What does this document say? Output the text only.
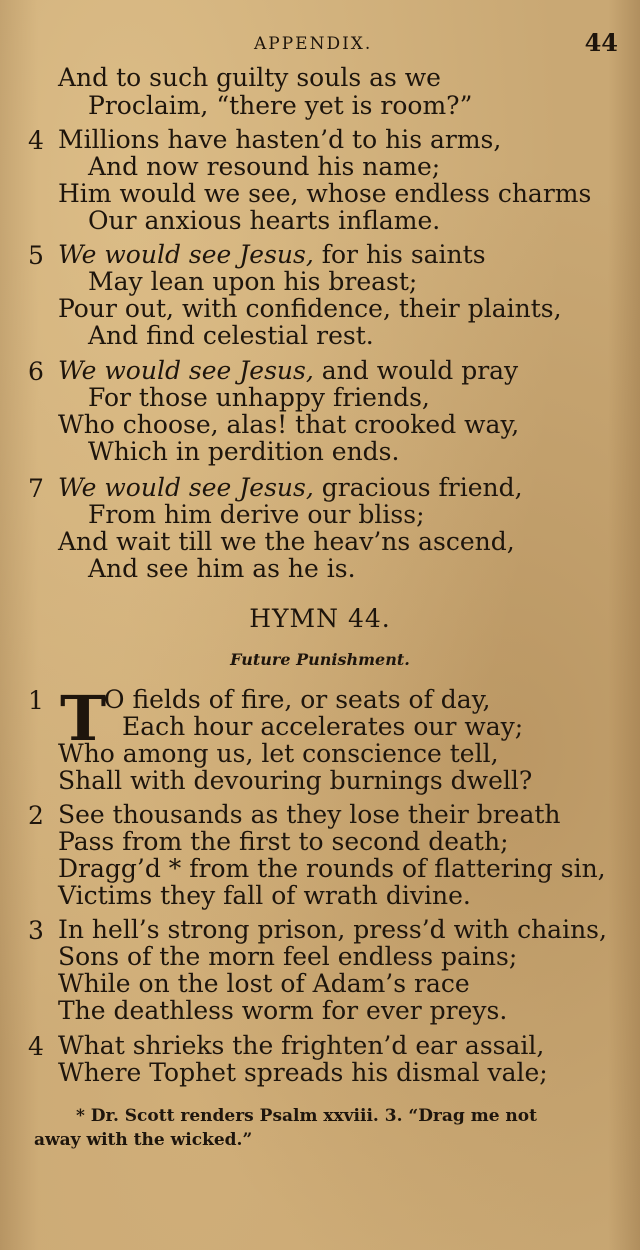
APPENDIX.	44
And to such guilty souls as we
Proclaim, “there yet is room?”
4 Millions have hasten’d to his arms,
And now resound his name;
Him would we see, whose endless charms
Our anxious hearts inflame.
5 We would see Jesus, for his saints
May lean upon his breast;
Pour out, with confidence, their plaints,
And find celestial rest.
6 We would see Jesus, and would pray
For those unhappy friends,
Who choose, alas! that crooked way,
Which in perdition ends.
7 We would see Jesus, gracious friend,
From him derive our bliss;
And wait till we the heav’ns ascend,
And see him as he is.
HYMN 44.
Future Punishment.
T
1 O fields of fire, or seats of day,
Each hour accelerates our way;
Who among us, let conscience tell,
Shall with devouring burnings dwell?
2 See thousands as they lose their breath
Pass from the first to second death;
Dragg’d * from the rounds of flattering sin,
Victims they fall of wrath divine.
3 In hell’s strong prison, press’d with chains,
Sons of the morn feel endless pains;
While on the lost of Adam’s race
The deathless worm for ever preys.
4 What shrieks the frighten’d ear assail,
Where Tophet spreads his dismal vale;
* Dr. Scott renders Psalm xxviii. 3. “Drag me not
away with the wicked.”
